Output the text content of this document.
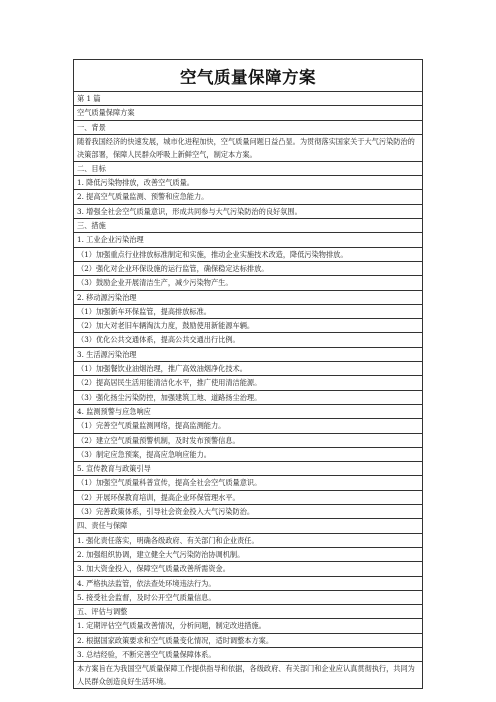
空气质量保障方案
第 1 篇
空气质量保障方案
一、背景
随着我国经济的快速发展，城市化进程加快，空气质量问题日益凸显。为贯彻落实国家关于大气污染防治的决策部署，保障人民群众呼吸上新鲜空气，制定本方案。
二、目标
1. 降低污染物排放，改善空气质量。
2. 提高空气质量监测、预警和应急能力。
3. 增强全社会空气质量意识，形成共同参与大气污染防治的良好氛围。
三、措施
1. 工业企业污染治理
（1）加强重点行业排放标准制定和实施，推动企业实施技术改造，降低污染物排放。
（2）强化对企业环保设施的运行监管，确保稳定达标排放。
（3）鼓励企业开展清洁生产，减少污染物产生。
2. 移动源污染治理
（1）加强新车环保监管，提高排放标准。
（2）加大对老旧车辆淘汰力度，鼓励使用新能源车辆。
（3）优化公共交通体系，提高公共交通出行比例。
3. 生活源污染治理
（1）加强餐饮业油烟治理，推广高效油烟净化技术。
（2）提高居民生活用能清洁化水平，推广使用清洁能源。
（3）强化扬尘污染防控，加强建筑工地、道路扬尘治理。
4. 监测预警与应急响应
（1）完善空气质量监测网络，提高监测能力。
（2）建立空气质量预警机制，及时发布预警信息。
（3）制定应急预案，提高应急响应能力。
5. 宣传教育与政策引导
（1）加强空气质量科普宣传，提高全社会空气质量意识。
（2）开展环保教育培训，提高企业环保管理水平。
（3）完善政策体系，引导社会资金投入大气污染防治。
四、责任与保障
1. 强化责任落实，明确各级政府、有关部门和企业责任。
2. 加强组织协调，建立健全大气污染防治协调机制。
3. 加大资金投入，保障空气质量改善所需资金。
4. 严格执法监管，依法查处环境违法行为。
5. 接受社会监督，及时公开空气质量信息。
五、评估与调整
1. 定期评估空气质量改善情况，分析问题，制定改进措施。
2. 根据国家政策要求和空气质量变化情况，适时调整本方案。
3. 总结经验，不断完善空气质量保障体系。
本方案旨在为我国空气质量保障工作提供指导和依据，各级政府、有关部门和企业应认真贯彻执行，共同为人民群众创造良好生活环境。
